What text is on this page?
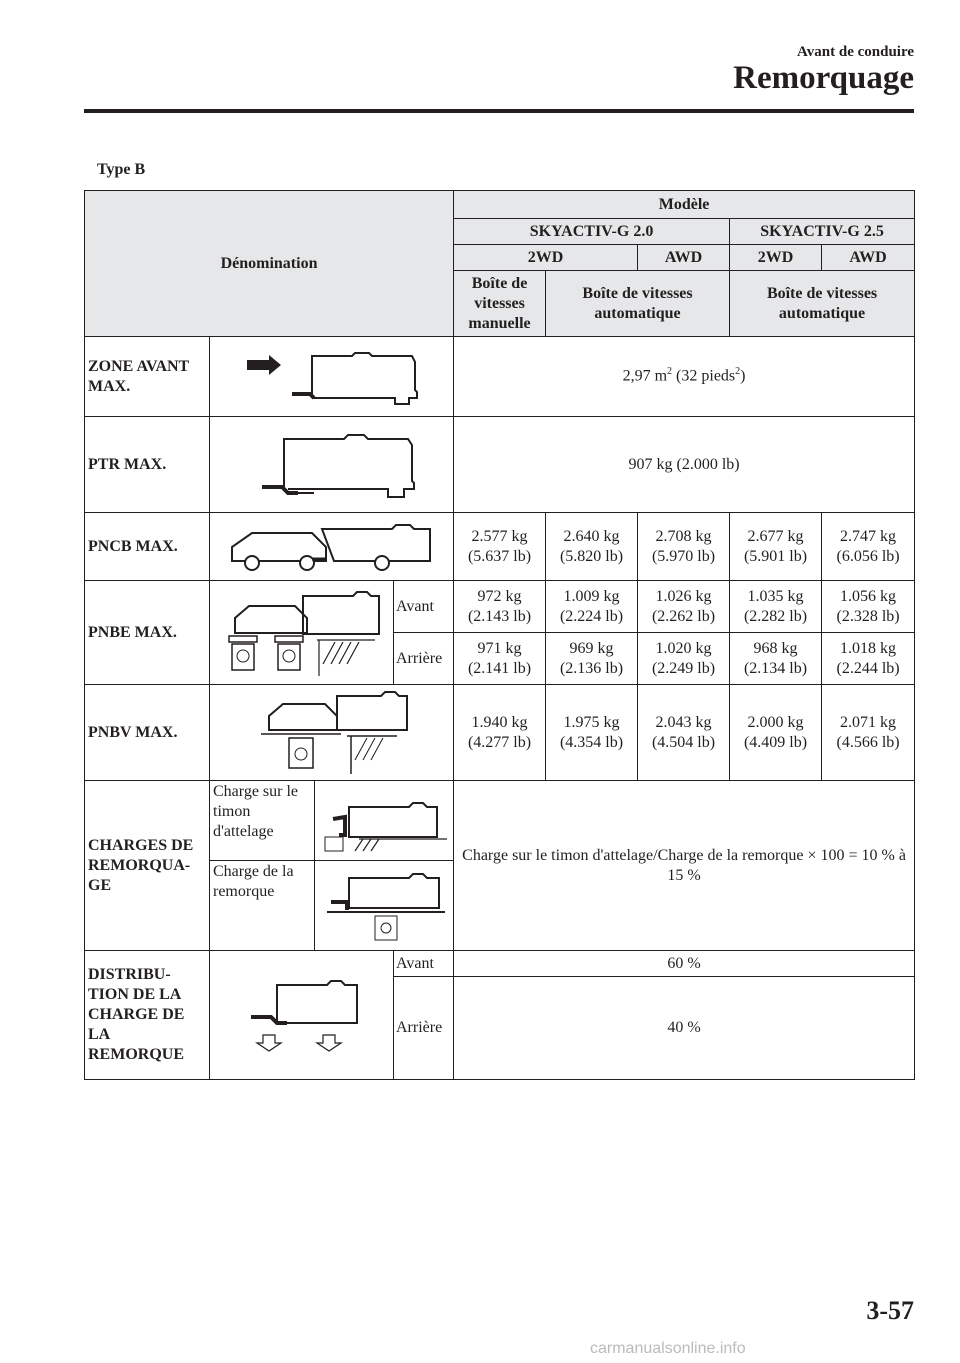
Avant de conduire
Remorquage
Type B
Dénomination				Modèle				
				SKYACTIV-G 2.0			SKYACTIV-G 2.5	
				2WD		AWD	2WD	AWD
				Boîte de vitesses manuelle	Boîte de vitesses automatique		Boîte de vitesses automatique	
ZONE AVANT MAX.				2,97 $m^2$ (32 pieds$^2$)				
PTR MAX.				907 kg (2.000 lb)				
PNCB MAX.				2.577 kg (5.637 lb)	2.640 kg (5.820 lb)	2.708 kg (5.970 lb)	2.677 kg (5.901 lb)	2.747 kg (6.056 lb)
PNBE MAX.			Avant	972 kg (2.143 lb)	1.009 kg (2.224 lb)	1.026 kg (2.262 lb)	1.035 kg (2.282 lb)	1.056 kg (2.328 lb)
			Arrière	971 kg (2.141 lb)	969 kg (2.136 lb)	1.020 kg (2.249 lb)	968 kg (2.134 lb)	1.018 kg (2.244 lb)
PNBV MAX.				1.940 kg (4.277 lb)	1.975 kg (4.354 lb)	2.043 kg (4.504 lb)	2.000 kg (4.409 lb)	2.071 kg (4.566 lb)
CHARGES DE REMORQUA-GE	Charge sur le timon d'attelage			Charge sur le timon d'attelage/Charge de la remorque × 100 = 10 % à 15 %				
	Charge de la remorque	

DISTRIBU-TION DE LA CHARGE DE LA REMORQUE			Avant	60 %				
			Arrière	40 %				
3-57
carmanualsonline.info
